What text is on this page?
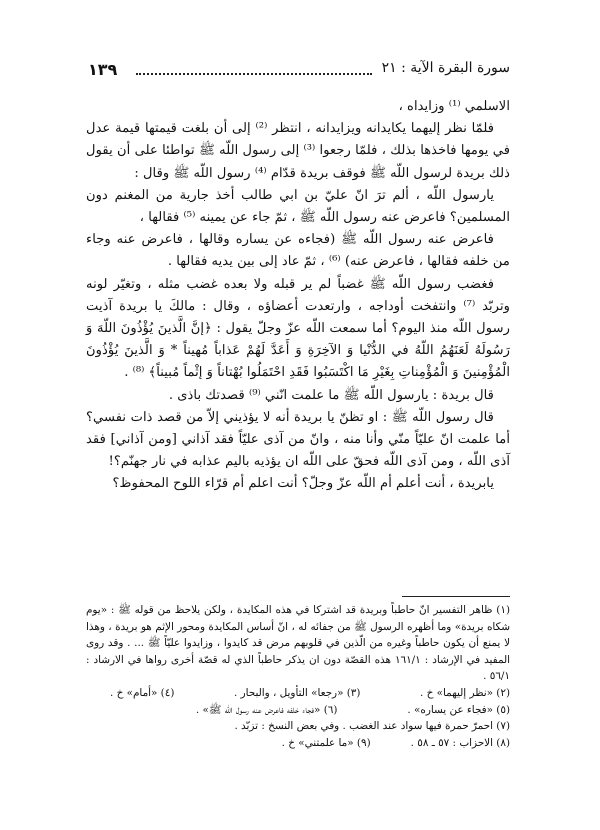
١٣٩	سورة البقرة الآية : ٢١

الاسلمي ⁽¹⁾ وزايداه ،

فلمّا نظر إليهما يكايدانه ويزايدانه ، انتظر ⁽²⁾ إلى أن بلغت قيمتها قيمة عدل في يومها فاخذها بذلك ، فلمّا رجعوا ⁽³⁾ إلى رسول اللّه ﷺ تواطئا على أن يقول ذلك بريدة لرسول اللّه ﷺ فوقف بريدة قدّام ⁽⁴⁾ رسول اللّه ﷺ وقال :

يارسول اللّه ، ألم ترَ انّ عليّ بن ابي طالب أخذ جارية من المغنم دون المسلمين؟ فاعرض عنه رسول اللّه ﷺ ، ثمّ جاء عن يمينه ⁽⁵⁾ فقالها ،

فاعرض عنه رسول اللّه ﷺ (فجاءه عن يساره وقالها ، فاعرض عنه وجاء من خلفه فقالها ، فاعرض عنه) ⁽⁶⁾ ، ثمّ عاد إلى بين يديه فقالها .

فغضب رسول اللّه ﷺ غضباً لم ير قبله ولا بعده غضب مثله ، وتغيّر لونه وتربّد ⁽⁷⁾ وانتفخت أوداجه ، وارتعدت أعضاؤه ، وقال : مالكَ يا بريدة آذيت رسول اللّه منذ اليوم؟ أما سمعت اللّه عزّ وجلّ يقول : ﴿إنَّ الَّذينَ يُؤْذُونَ اللّهَ وَ رَسُولَهُ لَعَنَهُمُ اللّهُ في الدُّنْيا وَ الآخِرَةِ وَ أَعَدَّ لَهُمْ عَذاباً مُهيناً * وَ الَّذينَ يُؤْذُونَ الْمُؤْمِنينَ وَ الْمُؤْمِناتِ بِغَيْرِ مَا اكْتَسَبُوا فَقَدِ احْتَمَلُوا بُهْتاناً وَ إثْماً مُبيناً﴾ ⁽⁸⁾ .

قال بريدة : يارسول اللّه ﷺ ما علمت انّني ⁽⁹⁾ قصدتك باذى .

قال رسول اللّه ﷺ : او تظنّ يا بريدة أنه لا يؤذيني إلاّ من قصد ذات نفسي؟ أما علمت انّ عليّاً منّي وأنا منه ، وانّ من آذى عليّاً فقد آذاني [ومن آذاني] فقد آذى اللّه ، ومن آذى اللّه فحقّ على اللّه ان يؤذيه باليم عذابه في نار جهنّم؟!

يابريدة ، أنت أعلم أم اللّه عزّ وجلّ؟ أنت اعلم أم قرّاء اللوح المحفوظ؟

(١) ظاهر التفسير انّ حاطباً وبريدة قد اشتركا في هذه المكايدة ، ولكن يلاحظ من قوله ﷺ : «يوم شكاه بريدة» وما أظهره الرسول ﷺ من جفائه له ، انّ أساس المكايدة ومحور الإثم هو بريدة ، وهذا لا يمنع أن يكون حاطباً وغيره من الّذين في قلوبهم مرض قد كايدوا ، وزايدوا عليّاً ﷺ ... . وقد روى المفيد في الإرشاد : ١٦١/١ هذه القصّة دون ان يذكر حاطباً الذي له قصّة أخرى رواها في الارشاد : ٥٦/١ .

(٢) «نظر إليهما» خ .
(٣) «رجعا» التأويل ، والبحار .
(٤) «أمام» خ .
(٥) «فجاء عن يساره» .
(٦) «فجاء خلفه فاعرض عنه رسول اللّه ﷺ» .

(٧) احمرّ حمرة فيها سواد عند الغضب . وفي بعض النسخ : تزبّد .

(٨) الاحزاب : ٥٧ ـ ٥٨ .
(٩) «ما علمتني» خ .
